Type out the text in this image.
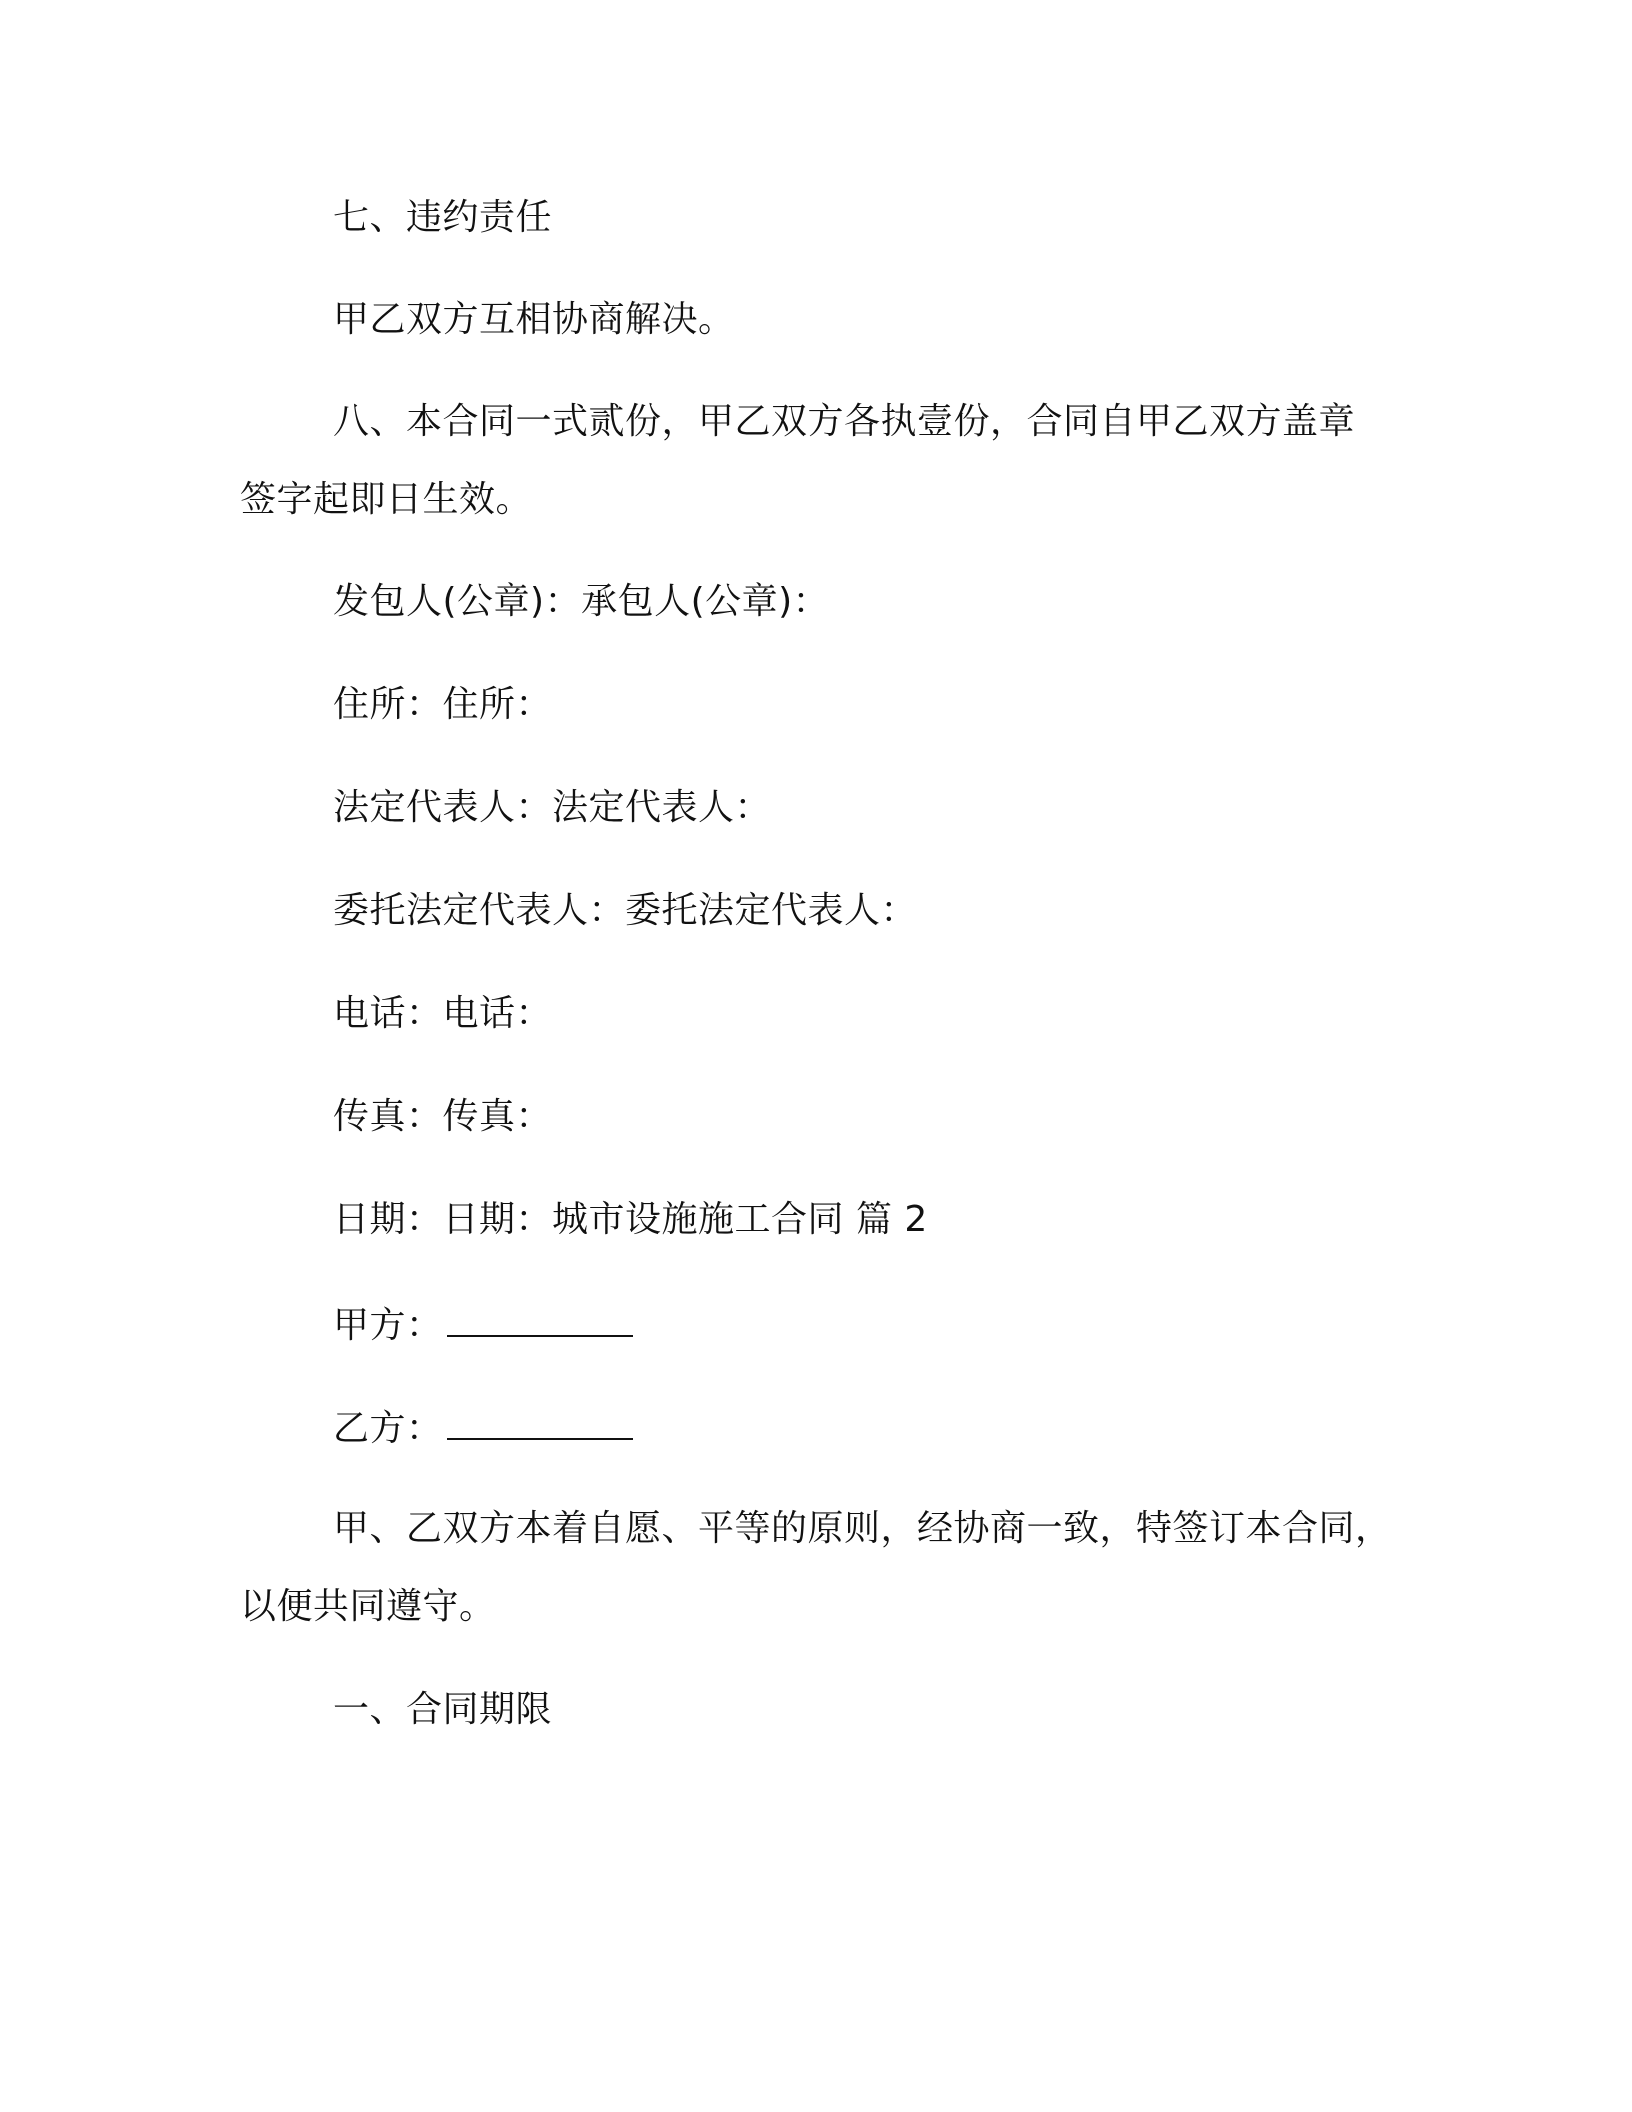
七、违约责任
甲乙双方互相协商解决。
八、本合同一式贰份，甲乙双方各执壹份，合同自甲乙双方盖章
签字起即日生效。
发包人(公章)：承包人(公章)：
住所：住所：
法定代表人：法定代表人：
委托法定代表人：委托法定代表人：
电话：电话：
传真：传真：
日期：日期：城市设施施工合同 篇 2
甲方：
乙方：
甲、乙双方本着自愿、平等的原则，经协商一致，特签订本合同，
以便共同遵守。
一、合同期限
